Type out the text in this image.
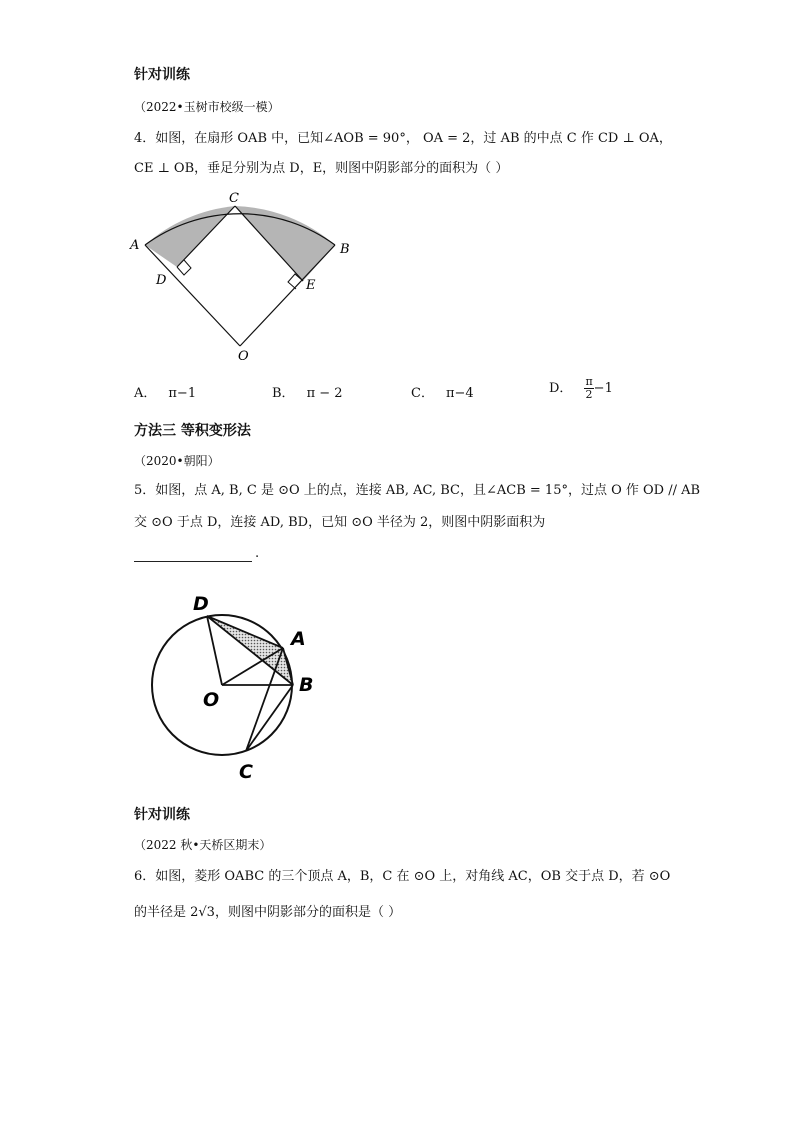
针对训练
（2022•玉树市校级一模）
4．如图，在扇形 OAB 中，已知∠AOB = 90°， OA = 2，过 AB 的中点 C 作 CD ⊥ OA，
CE ⊥ OB，垂足分别为点 D，E，则图中阴影部分的面积为（ ）
A	B
C
D	E
O
A． π−1	B． π − 2	C． π−4	D． $\frac{\pi}{2} -1$
方法三 等积变形法
（2020•朝阳）
5．如图，点 A, B, C 是 ⊙O 上的点，连接 AB, AC, BC，且∠ACB = 15°，过点 O 作 OD // AB
交 ⊙O 于点 D，连接 AD, BD，已知 ⊙O 半径为 2，则图中阴影面积为
.
D
A
B
O
C
针对训练
（2022 秋•天桥区期末）
6．如图，菱形 OABC 的三个顶点 A，B，C 在 ⊙O 上，对角线 AC，OB 交于点 D，若 ⊙O
的半径是 2√3，则图中阴影部分的面积是（ ）
